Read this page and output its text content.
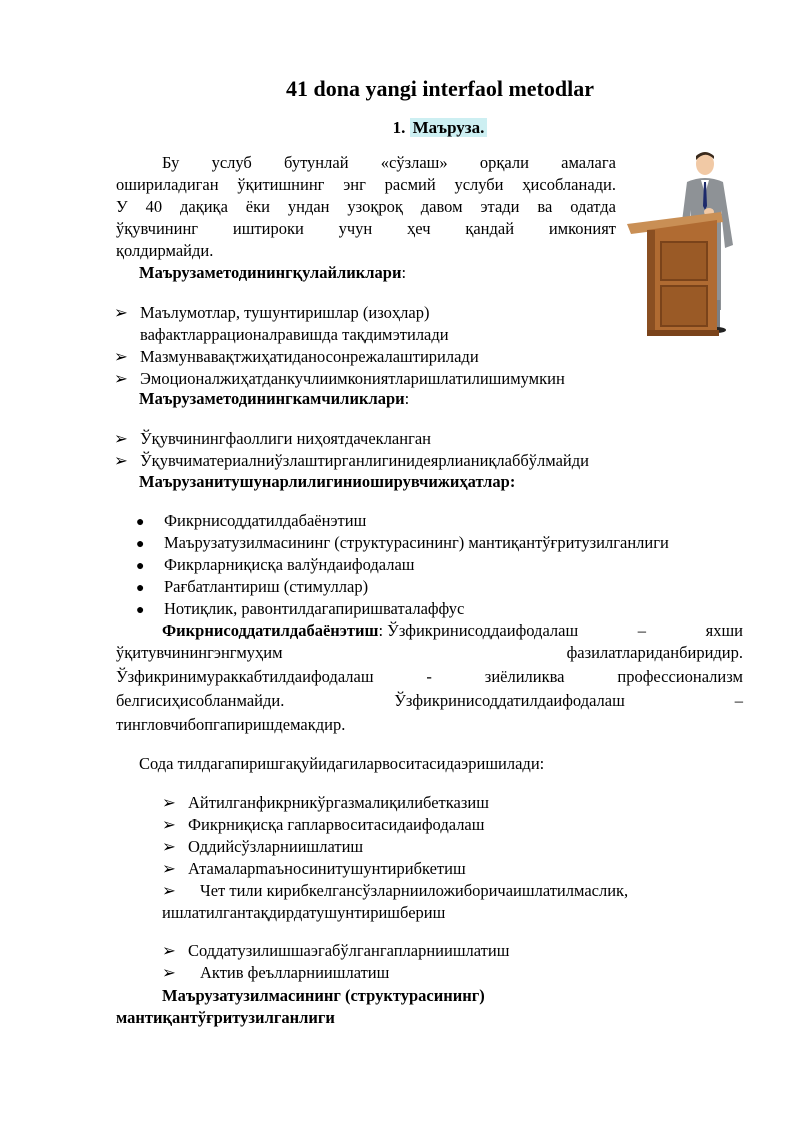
41 dona yangi interfaol metodlar
1. Маъруза.
Бу услуб бутунлай «сўзлаш» орқали амалага
ошириладиган ўқитишнинг энг расмий услуби ҳисобланади.
У 40 дақиқа ёки ундан узоқроқ давом этади ва одатда
ўқувчининг иштироки учун ҳеч қандай имконият
қолдирмайди.
Маърузаметодинингқулайликлари:
➢ Маълумотлар, тушунтиришлар (изоҳлар)
вафактларрационалравишда тақдимэтилади
➢ Мазмунвавақтжиҳатиданосонрежалаштирилади
➢ Эмоционалжиҳатданкучлиимкониятларишлатилишимумкин
Маърузаметодинингкамчиликлари:
➢ Ўқувчинингфаоллиги ниҳоятдачекланган
➢ Ўқувчиматериалниўзлаштирганлигинидеярлианиқлаббўлмайди
Маърузанитушунарлилигиниоширувчижиҳатлар:
● Фикрнисоддатилдабаёнэтиш
● Маърузатузилмасининг (структурасининг) мантиқантўғритузилганлиги
● Фикрларниқисқа валўндаифодалаш
● Рағбатлантириш (стимуллар)
● Нотиқлик, равонтилдагапиришваталаффус
Фикрнисоддатилдабаёнэтиш: Ўзфикринисоддаифодалаш	–	яхши
ўқитувчинингэнгмуҳим	фазилатлариданбиридир.
Ўзфикринимураккабтилдаифодалаш	-	зиёлиликва	профессионализм
белгисиҳисобланмайди.	Ўзфикринисоддатилдаифодалаш	–
тингловчибопгапиришдемакдир.
Сода тилдагапиришгақуйидагиларвоситасидаэришилади:
➢ Айтилганфикрникўргазмалиқилибетказиш
➢ Фикрниқисқа гапларвоситасидаифодалаш
➢ Оддийсўзларниишлатиш
➢ Атамаларmаъносинитушунтирибкетиш
➢ Чет тили кирибкелгансўзларнииложиборичаишлатилмаслик,
ишлатилгантақдирдатушунтиришбериш
➢ Соддатузилишшаэгабўлгангапларниишлатиш
➢ Актив феълларниишлатиш
Маърузатузилмасининг (структурасининг)
мантиқантўғритузилганлиги
